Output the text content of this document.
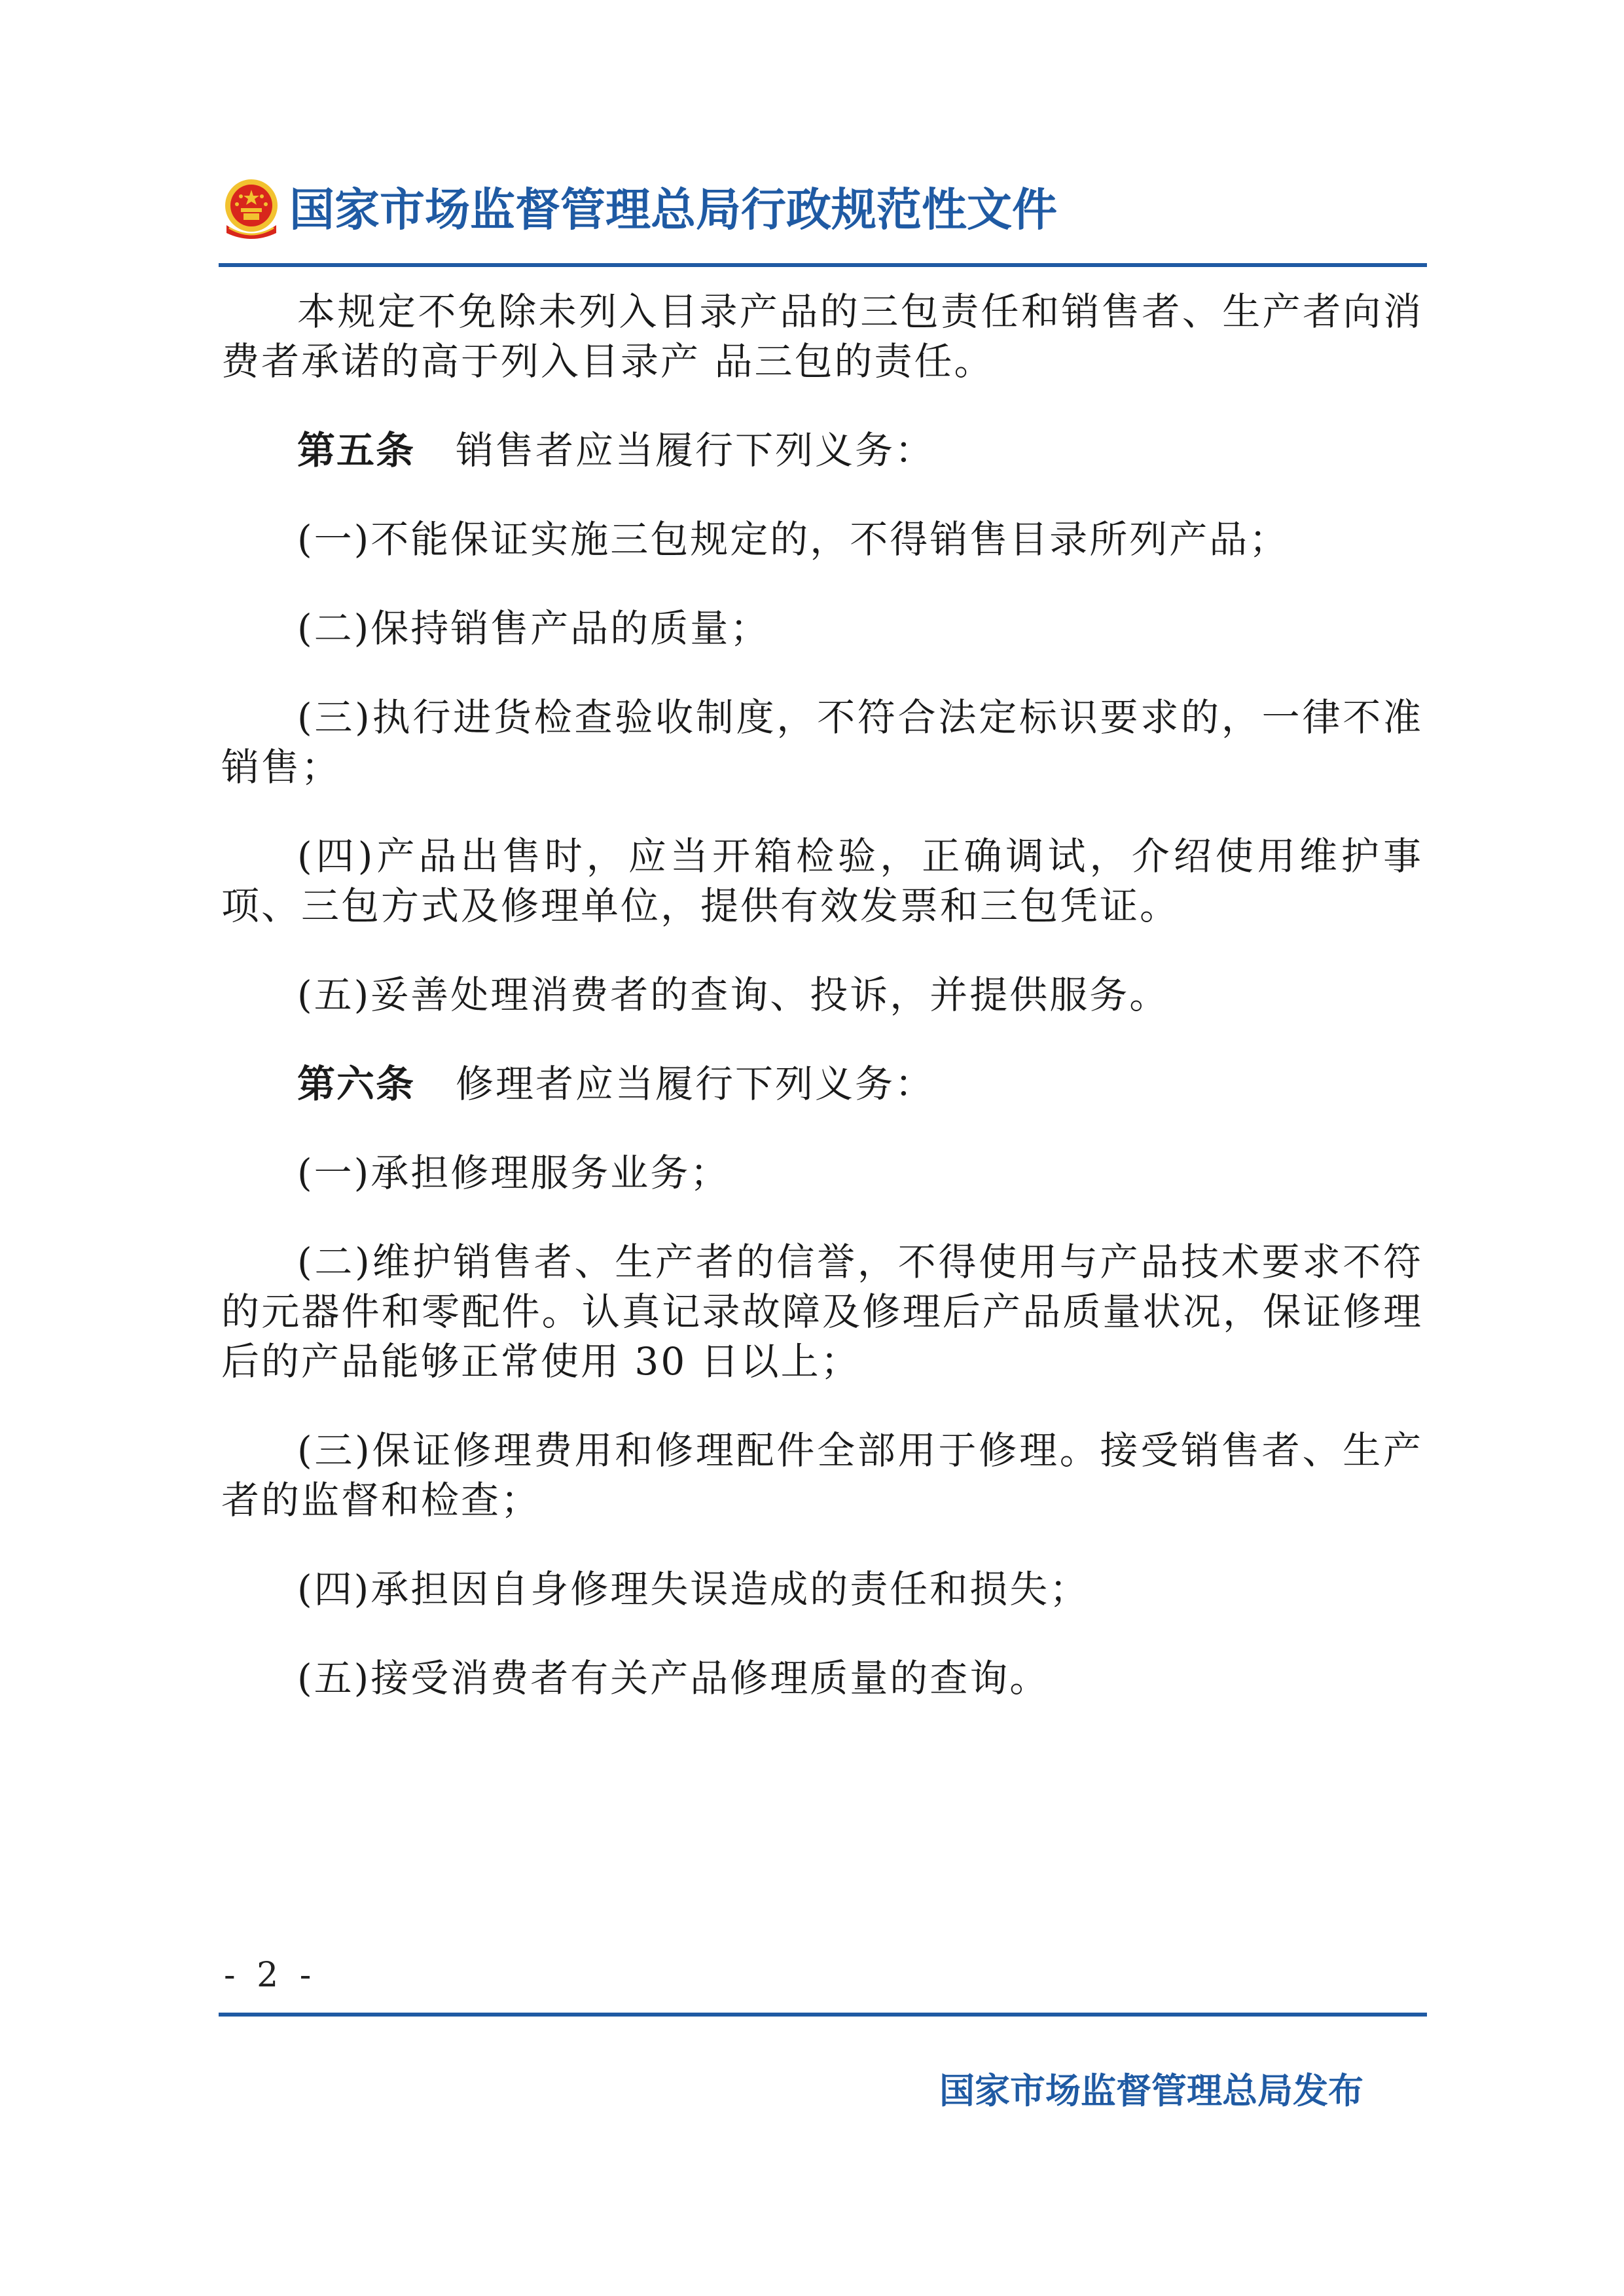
国家市场监督管理总局行政规范性文件

本规定不免除未列入目录产品的三包责任和销售者、生产者向消费者承诺的高于列入目录产 品三包的责任。

第五条 销售者应当履行下列义务：

(一)不能保证实施三包规定的，不得销售目录所列产品；

(二)保持销售产品的质量；

(三)执行进货检查验收制度，不符合法定标识要求的，一律不准销售；

(四)产品出售时，应当开箱检验，正确调试，介绍使用维护事项、三包方式及修理单位，提供有效发票和三包凭证。

(五)妥善处理消费者的查询、投诉，并提供服务。

第六条 修理者应当履行下列义务：

(一)承担修理服务业务；

(二)维护销售者、生产者的信誉，不得使用与产品技术要求不符的元器件和零配件。认真记录故障及修理后产品质量状况，保证修理后的产品能够正常使用 30 日以上；

(三)保证修理费用和修理配件全部用于修理。接受销售者、生产者的监督和检查；

(四)承担因自身修理失误造成的责任和损失；

(五)接受消费者有关产品修理质量的查询。

- 2 -
国家市场监督管理总局发布
